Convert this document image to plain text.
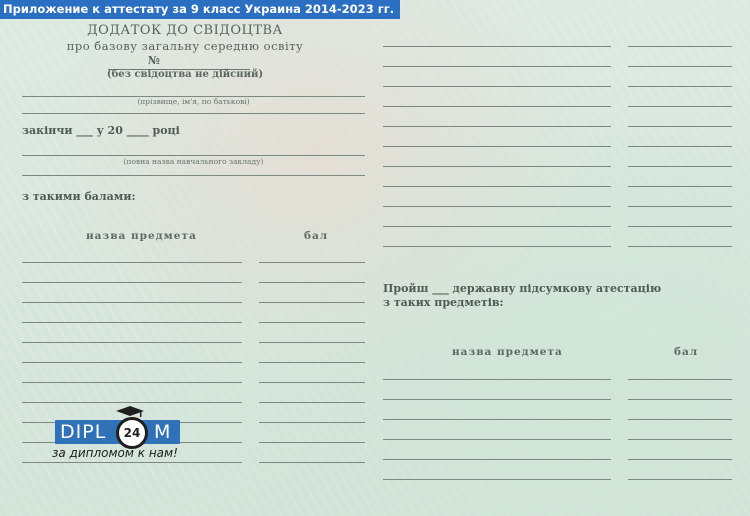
Приложение к аттестату за 9 класс Украина 2014-2023 гг.
ДОДАТОК ДО СВІДОЦТВА
про базову загальну середню освіту
№
(без свідоцтва не дійсний)
(прізвище, ім'я, по батькові)
закінчи ___ у 20 ____ році
(повна назва навчального закладу)
з такими балами:
назва предмета	бал
Пройш ___ державну підсумкову атестацію
з таких предметів:
назва предмета	бал
DIPL	M
24
за дипломом к нам!
